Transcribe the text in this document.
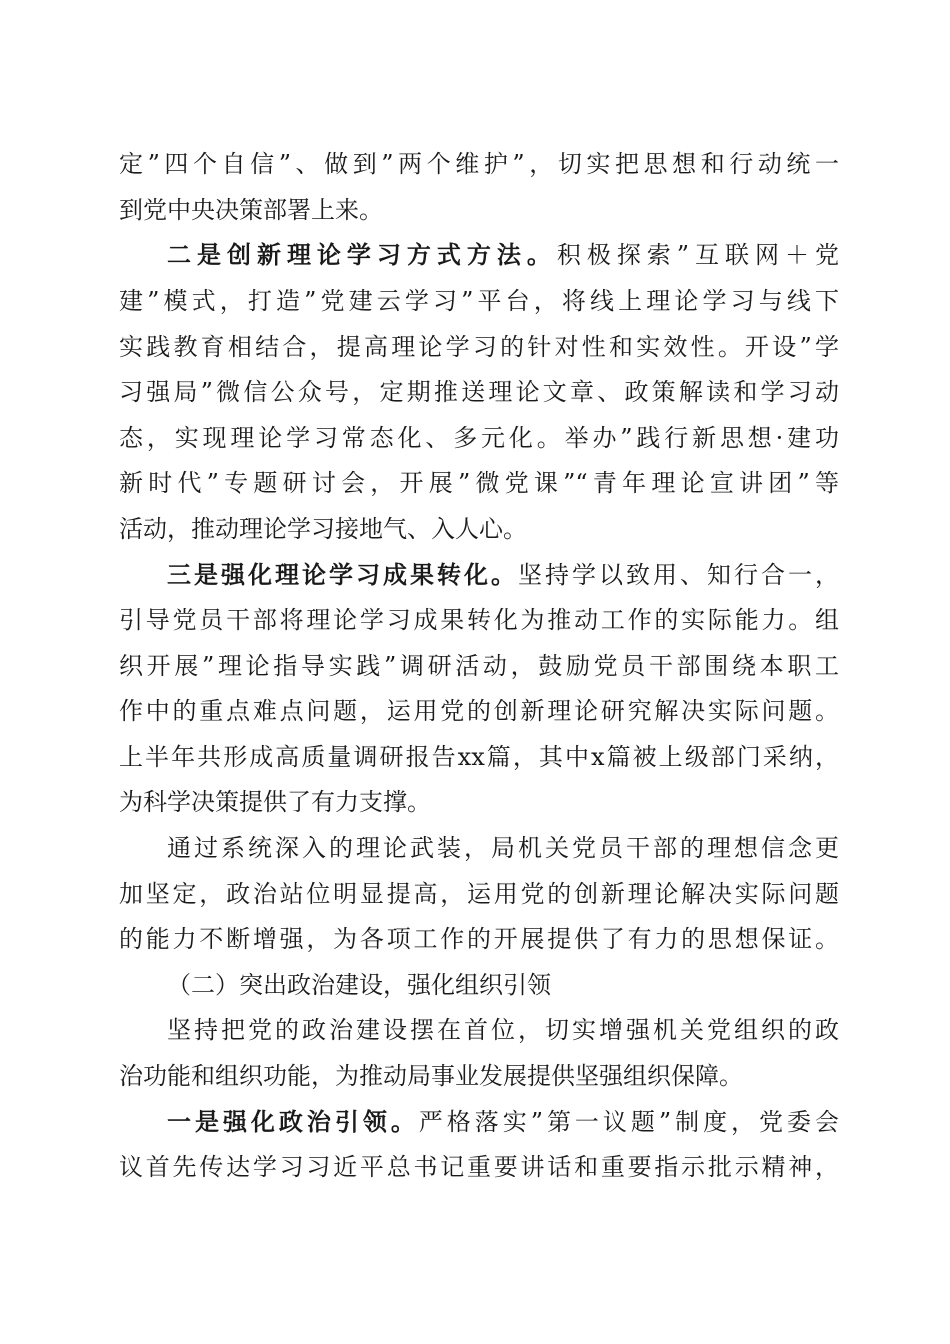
定”四个自信”、做到”两个维护”，切实把思想和行动统一
到党中央决策部署上来。
二是创新理论学习方式方法。积极探索”互联网＋党
建”模式，打造”党建云学习”平台，将线上理论学习与线下
实践教育相结合，提高理论学习的针对性和实效性。开设”学
习强局”微信公众号，定期推送理论文章、政策解读和学习动
态，实现理论学习常态化、多元化。举办”践行新思想·建功
新时代”专题研讨会，开展”微党课”“青年理论宣讲团”等
活动，推动理论学习接地气、入人心。
三是强化理论学习成果转化。坚持学以致用、知行合一，
引导党员干部将理论学习成果转化为推动工作的实际能力。组
织开展”理论指导实践”调研活动，鼓励党员干部围绕本职工
作中的重点难点问题，运用党的创新理论研究解决实际问题。
上半年共形成高质量调研报告xx篇，其中x篇被上级部门采纳，
为科学决策提供了有力支撑。
通过系统深入的理论武装，局机关党员干部的理想信念更
加坚定，政治站位明显提高，运用党的创新理论解决实际问题
的能力不断增强，为各项工作的开展提供了有力的思想保证。
（二）突出政治建设，强化组织引领
坚持把党的政治建设摆在首位，切实增强机关党组织的政
治功能和组织功能，为推动局事业发展提供坚强组织保障。
一是强化政治引领。严格落实”第一议题”制度，党委会
议首先传达学习习近平总书记重要讲话和重要指示批示精神，
